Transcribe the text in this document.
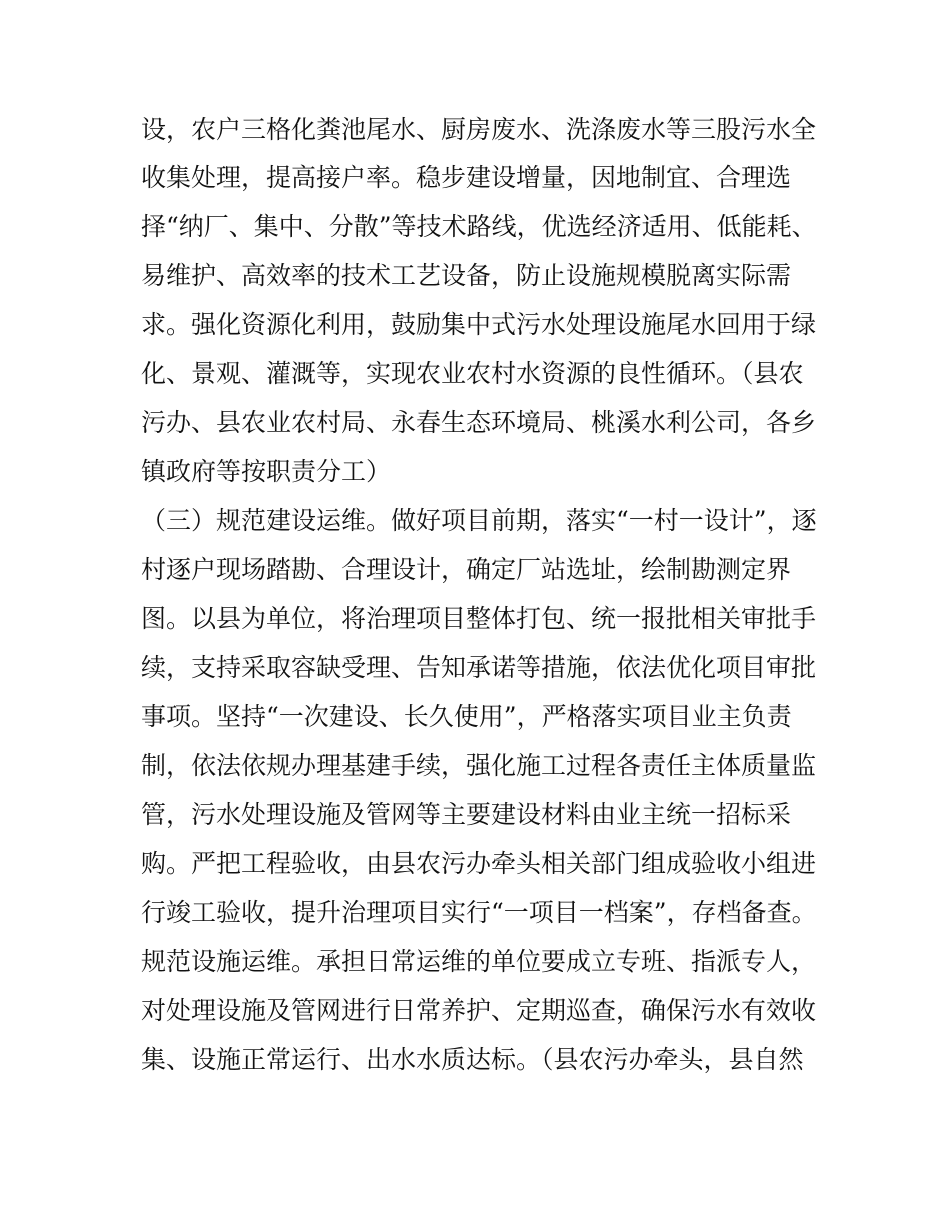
设，农户三格化粪池尾水、厨房废水、洗涤废水等三股污水全
收集处理，提高接户率。稳步建设增量，因地制宜、合理选
择“纳厂、集中、分散”等技术路线，优选经济适用、低能耗、
易维护、高效率的技术工艺设备，防止设施规模脱离实际需
求。强化资源化利用，鼓励集中式污水处理设施尾水回用于绿
化、景观、灌溉等，实现农业农村水资源的良性循环。（县农
污办、县农业农村局、永春生态环境局、桃溪水利公司，各乡
镇政府等按职责分工）
（三）规范建设运维。做好项目前期，落实“一村一设计”，逐
村逐户现场踏勘、合理设计，确定厂站选址，绘制勘测定界
图。以县为单位，将治理项目整体打包、统一报批相关审批手
续，支持采取容缺受理、告知承诺等措施，依法优化项目审批
事项。坚持“一次建设、长久使用”，严格落实项目业主负责
制，依法依规办理基建手续，强化施工过程各责任主体质量监
管，污水处理设施及管网等主要建设材料由业主统一招标采
购。严把工程验收，由县农污办牵头相关部门组成验收小组进
行竣工验收，提升治理项目实行“一项目一档案”，存档备查。
规范设施运维。承担日常运维的单位要成立专班、指派专人，
对处理设施及管网进行日常养护、定期巡查，确保污水有效收
集、设施正常运行、出水水质达标。（县农污办牵头，县自然
